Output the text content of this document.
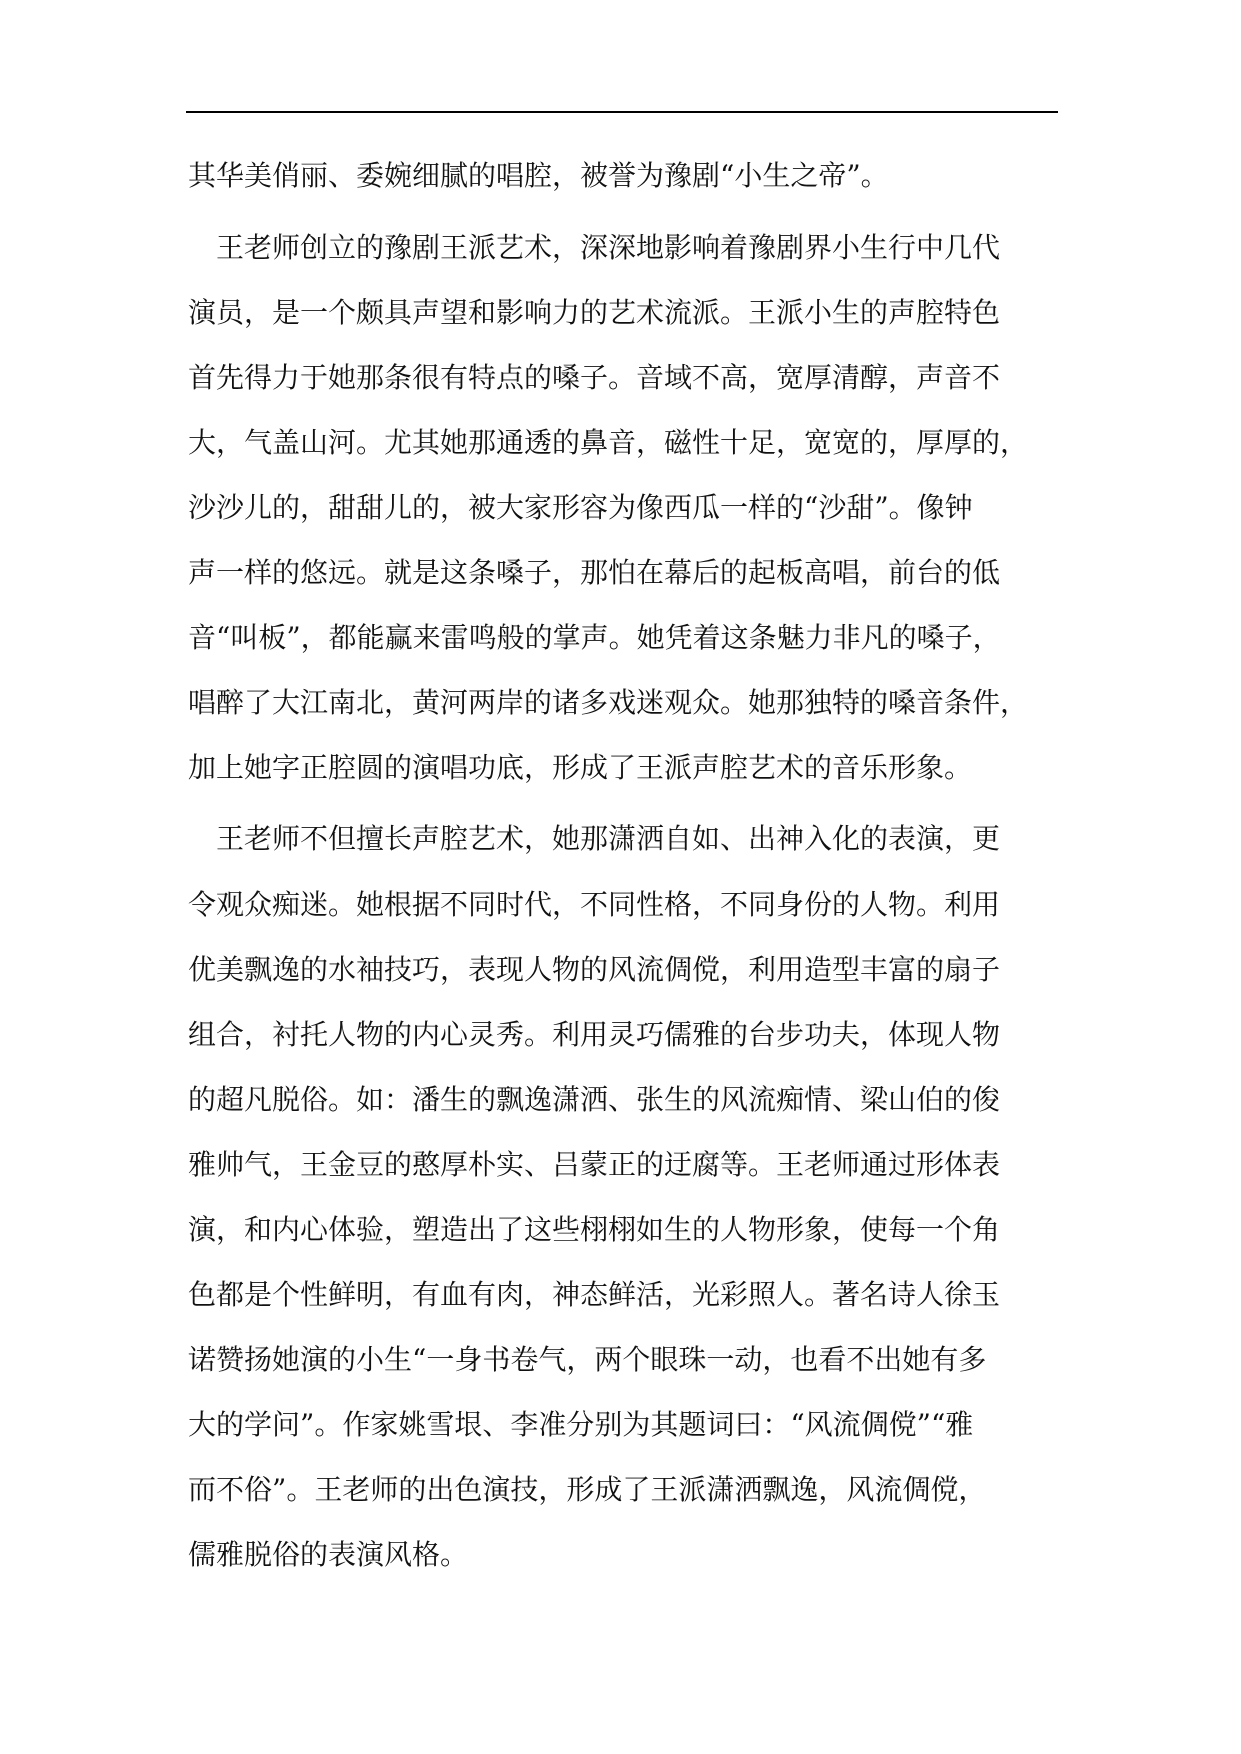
其华美俏丽、委婉细腻的唱腔，被誉为豫剧“小生之帝”。
王老师创立的豫剧王派艺术，深深地影响着豫剧界小生行中几代
演员，是一个颇具声望和影响力的艺术流派。王派小生的声腔特色
首先得力于她那条很有特点的嗓子。音域不高，宽厚清醇，声音不
大，气盖山河。尤其她那通透的鼻音，磁性十足，宽宽的，厚厚的，
沙沙儿的，甜甜儿的，被大家形容为像西瓜一样的“沙甜”。像钟
声一样的悠远。就是这条嗓子，那怕在幕后的起板高唱，前台的低
音“叫板”，都能赢来雷鸣般的掌声。她凭着这条魅力非凡的嗓子，
唱醉了大江南北，黄河两岸的诸多戏迷观众。她那独特的嗓音条件，
加上她字正腔圆的演唱功底，形成了王派声腔艺术的音乐形象。
王老师不但擅长声腔艺术，她那潇洒自如、出神入化的表演，更
令观众痴迷。她根据不同时代，不同性格，不同身份的人物。利用
优美飘逸的水袖技巧，表现人物的风流倜傥，利用造型丰富的扇子
组合，衬托人物的内心灵秀。利用灵巧儒雅的台步功夫，体现人物
的超凡脱俗。如：潘生的飘逸潇洒、张生的风流痴情、梁山伯的俊
雅帅气，王金豆的憨厚朴实、吕蒙正的迂腐等。王老师通过形体表
演，和内心体验，塑造出了这些栩栩如生的人物形象，使每一个角
色都是个性鲜明，有血有肉，神态鲜活，光彩照人。著名诗人徐玉
诺赞扬她演的小生“一身书卷气，两个眼珠一动，也看不出她有多
大的学问”。作家姚雪垠、李准分别为其题词曰：“风流倜傥”“雅
而不俗”。王老师的出色演技，形成了王派潇洒飘逸，风流倜傥，
儒雅脱俗的表演风格。
